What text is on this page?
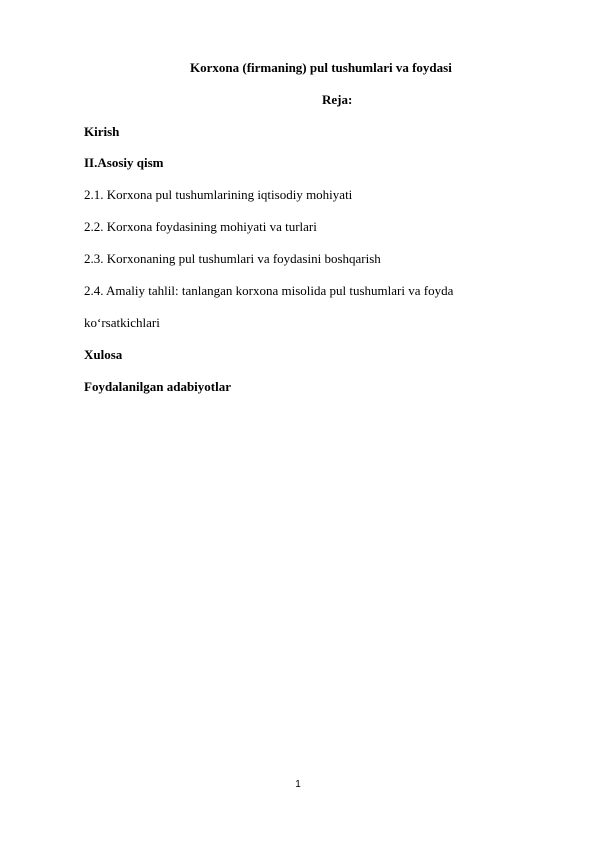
Korxona (firmaning) pul tushumlari va foydasi
Reja:
Kirish
II.Asosiy qism
2.1. Korxona pul tushumlarining iqtisodiy mohiyati
2.2. Korxona foydasining mohiyati va turlari
2.3. Korxonaning pul tushumlari va foydasini boshqarish
2.4. Amaliy tahlil: tanlangan korxona misolida pul tushumlari va foyda
ko‘rsatkichlari
Xulosa
Foydalanilgan adabiyotlar
1
